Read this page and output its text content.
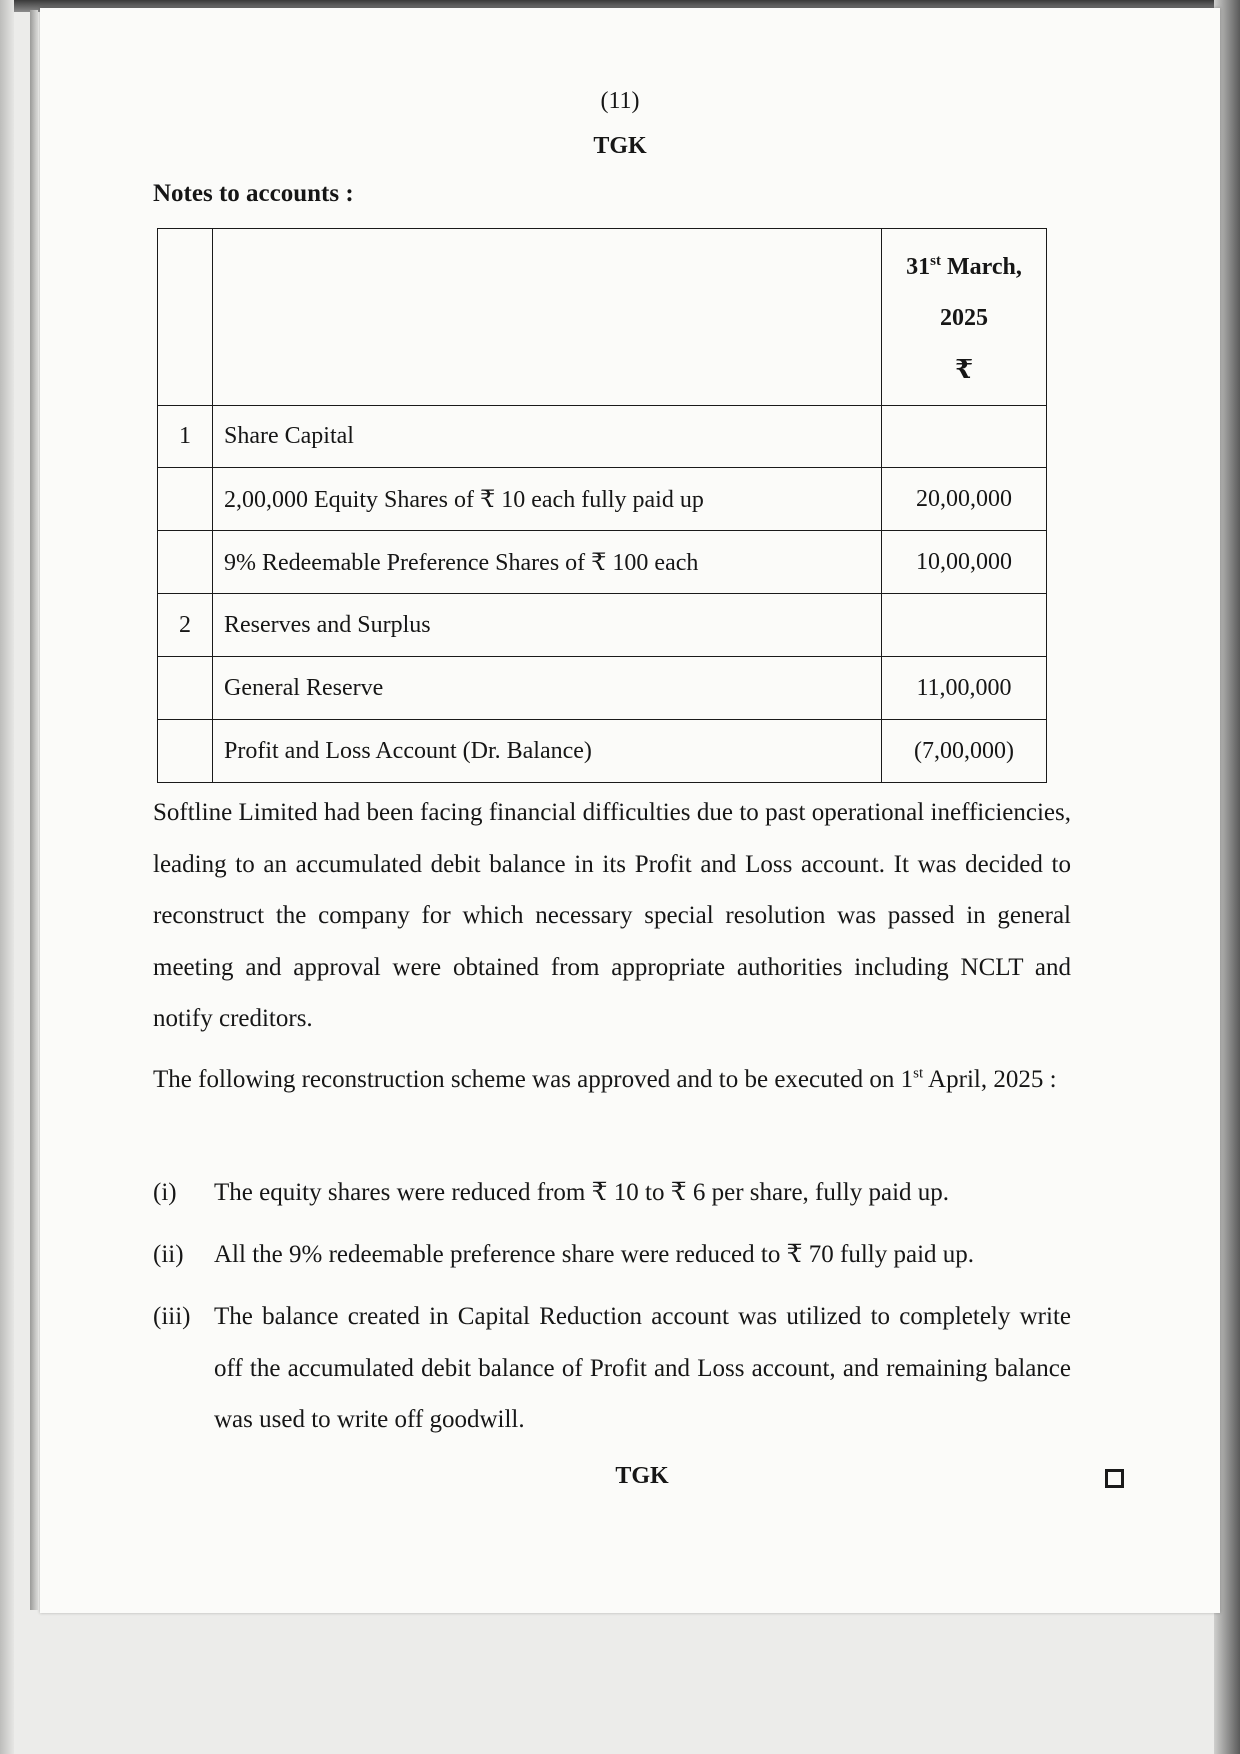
(11)
TGK
Notes to accounts :
		31st March,
2025
₹
1	Share Capital	
	2,00,000 Equity Shares of ₹ 10 each fully paid up	20,00,000
	9% Redeemable Preference Shares of ₹ 100 each	10,00,000
2	Reserves and Surplus	
	General Reserve	11,00,000
	Profit and Loss Account (Dr. Balance)	(7,00,000)
Softline Limited had been facing financial difficulties due to past operational inefficiencies, leading to an accumulated debit balance in its Profit and Loss account. It was decided to reconstruct the company for which necessary special resolution was passed in general meeting and approval were obtained from appropriate authorities including NCLT and notify creditors.
The following reconstruction scheme was approved and to be executed on 1st April, 2025 :
(i) The equity shares were reduced from ₹ 10 to ₹ 6 per share, fully paid up.
(ii) All the 9% redeemable preference share were reduced to ₹ 70 fully paid up.
(iii) The balance created in Capital Reduction account was utilized to completely write off the accumulated debit balance of Profit and Loss account, and remaining balance was used to write off goodwill.
TGK
